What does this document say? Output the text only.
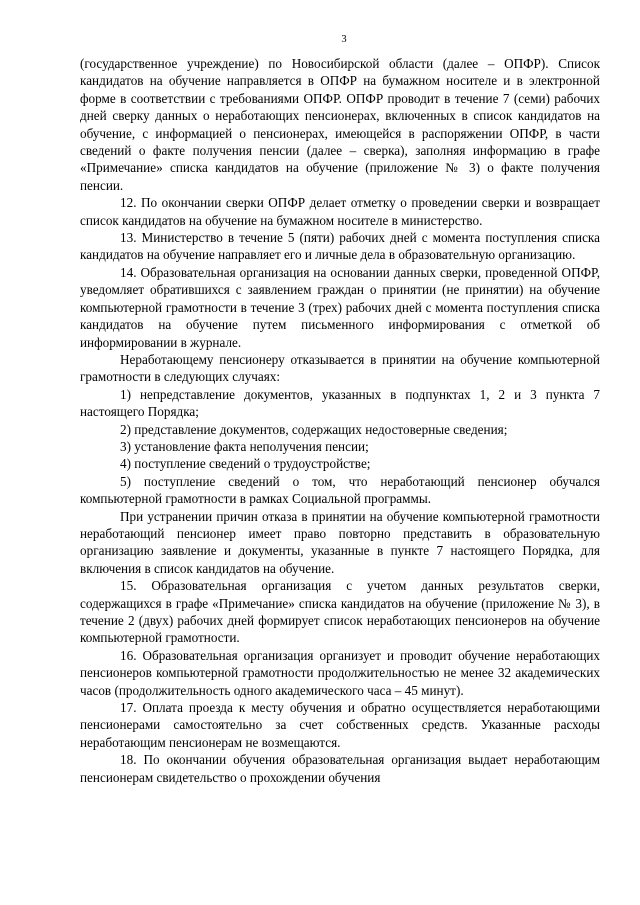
3

(государственное учреждение) по Новосибирской области (далее – ОПФР). Список кандидатов на обучение направляется в ОПФР на бумажном носителе и в электронной форме в соответствии с требованиями ОПФР. ОПФР проводит в течение 7 (семи) рабочих дней сверку данных о неработающих пенсионерах, включенных в список кандидатов на обучение, с информацией о пенсионерах, имеющейся в распоряжении ОПФР, в части сведений о факте получения пенсии (далее – сверка), заполняя информацию в графе «Примечание» списка кандидатов на обучение (приложение № 3) о факте получения пенсии.

12. По окончании сверки ОПФР делает отметку о проведении сверки и возвращает список кандидатов на обучение на бумажном носителе в министерство.

13. Министерство в течение 5 (пяти) рабочих дней с момента поступления списка кандидатов на обучение направляет его и личные дела в образовательную организацию.

14. Образовательная организация на основании данных сверки, проведенной ОПФР, уведомляет обратившихся с заявлением граждан о принятии (не принятии) на обучение компьютерной грамотности в течение 3 (трех) рабочих дней с момента поступления списка кандидатов на обучение путем письменного информирования с отметкой об информировании в журнале.

Неработающему пенсионеру отказывается в принятии на обучение компьютерной грамотности в следующих случаях:

1) непредставление документов, указанных в подпунктах 1, 2 и 3 пункта 7 настоящего Порядка;

2) представление документов, содержащих недостоверные сведения;

3) установление факта неполучения пенсии;

4) поступление сведений о трудоустройстве;

5) поступление сведений о том, что неработающий пенсионер обучался компьютерной грамотности в рамках Социальной программы.

При устранении причин отказа в принятии на обучение компьютерной грамотности неработающий пенсионер имеет право повторно представить в образовательную организацию заявление и документы, указанные в пункте 7 настоящего Порядка, для включения в список кандидатов на обучение.

15. Образовательная организация с учетом данных результатов сверки, содержащихся в графе «Примечание» списка кандидатов на обучение (приложение № 3), в течение 2 (двух) рабочих дней формирует список неработающих пенсионеров на обучение компьютерной грамотности.

16. Образовательная организация организует и проводит обучение неработающих пенсионеров компьютерной грамотности продолжительностью не менее 32 академических часов (продолжительность одного академического часа – 45 минут).

17. Оплата проезда к месту обучения и обратно осуществляется неработающими пенсионерами самостоятельно за счет собственных средств. Указанные расходы неработающим пенсионерам не возмещаются.

18. По окончании обучения образовательная организация выдает неработающим пенсионерам свидетельство о прохождении обучения
